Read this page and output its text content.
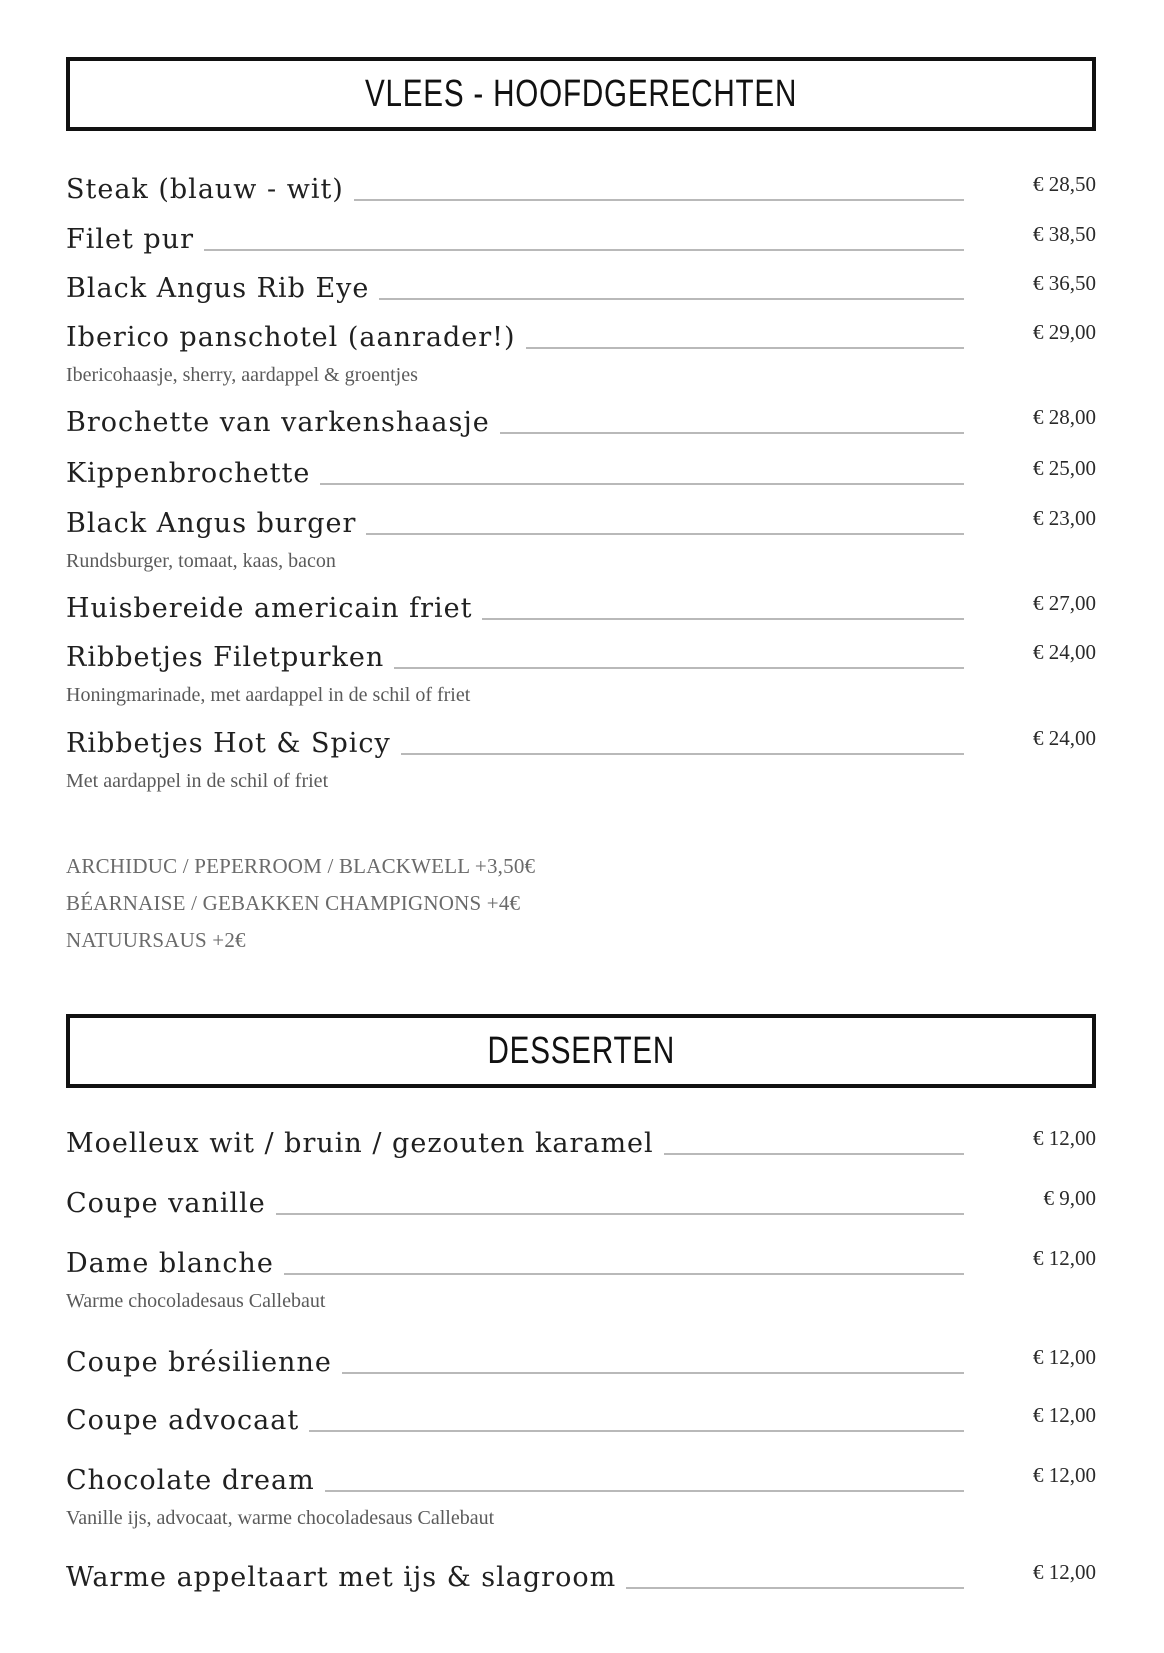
VLEES - HOOFDGERECHTEN
Steak (blauw - wit)	€ 28,50
Filet pur	€ 38,50
Black Angus Rib Eye	€ 36,50
Iberico panschotel (aanrader!)	€ 29,00
Ibericohaasje, sherry, aardappel & groentjes
Brochette van varkenshaasje	€ 28,00
Kippenbrochette	€ 25,00
Black Angus burger	€ 23,00
Rundsburger, tomaat, kaas, bacon
Huisbereide americain friet	€ 27,00
Ribbetjes Filetpurken	€ 24,00
Honingmarinade, met aardappel in de schil of friet
Ribbetjes Hot & Spicy	€ 24,00
Met aardappel in de schil of friet
ARCHIDUC / PEPERROOM / BLACKWELL +3,50€
BÉARNAISE / GEBAKKEN CHAMPIGNONS +4€
NATUURSAUS +2€
DESSERTEN
Moelleux wit / bruin / gezouten karamel	€ 12,00
Coupe vanille	€ 9,00
Dame blanche	€ 12,00
Warme chocoladesaus Callebaut
Coupe brésilienne	€ 12,00
Coupe advocaat	€ 12,00
Chocolate dream	€ 12,00
Vanille ijs, advocaat, warme chocoladesaus Callebaut
Warme appeltaart met ijs & slagroom	€ 12,00
